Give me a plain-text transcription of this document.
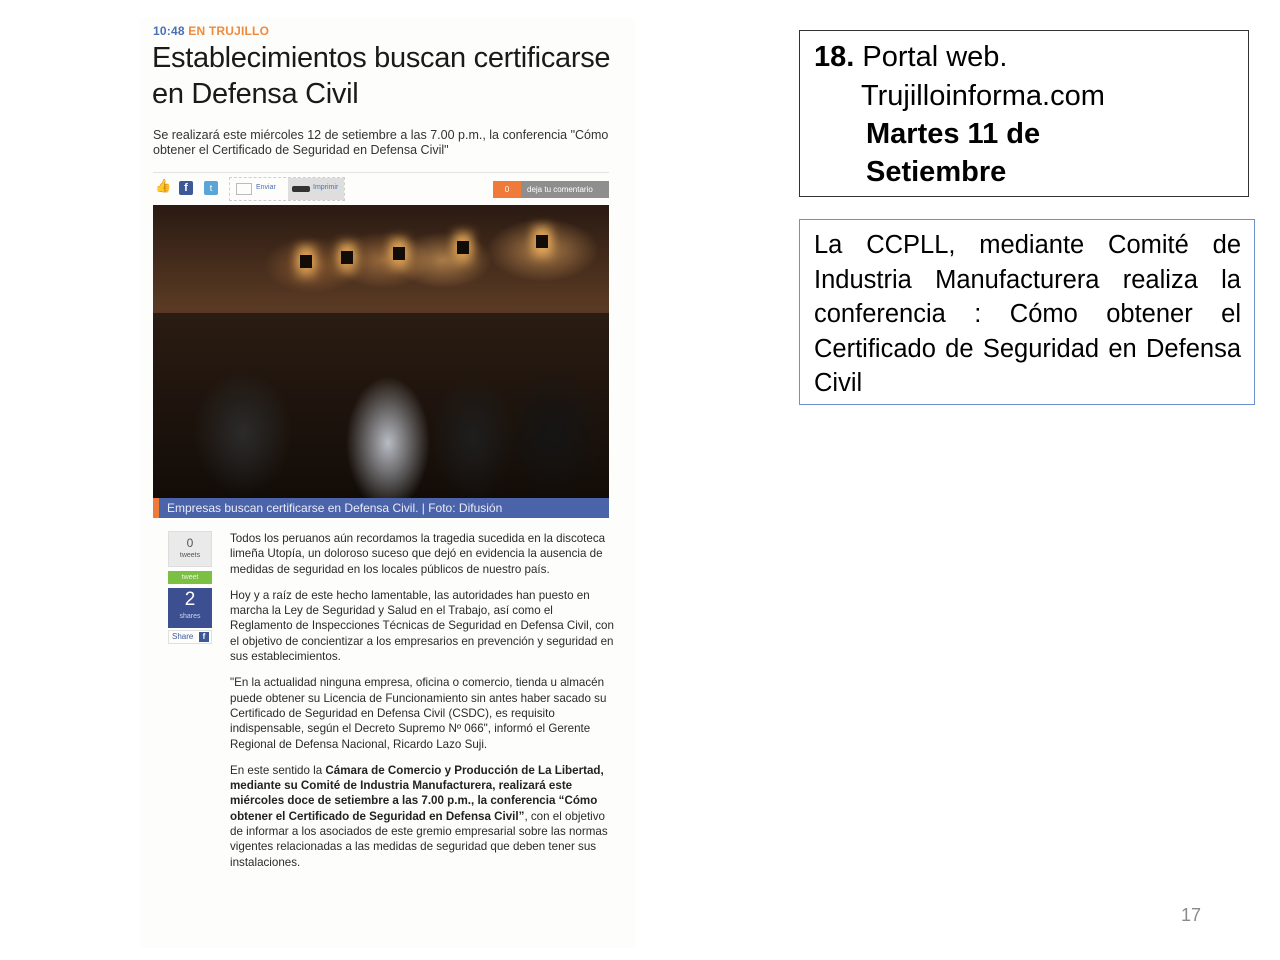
10:48 EN TRUJILLO
Establecimientos buscan certificarse en Defensa Civil
Se realizará este miércoles 12 de setiembre a las 7.00 p.m., la conferencia "Cómo obtener el Certificado de Seguridad en Defensa Civil"
👍	f	t	Enviar	Imprimir	0	deja tu comentario
Empresas buscan certificarse en Defensa Civil. | Foto: Difusión
0
tweets
tweet
2
shares
Share	f

Todos los peruanos aún recordamos la tragedia sucedida en la discoteca limeña Utopía, un doloroso suceso que dejó en evidencia la ausencia de medidas de seguridad en los locales públicos de nuestro país.

Hoy y a raíz de este hecho lamentable, las autoridades han puesto en marcha la Ley de Seguridad y Salud en el Trabajo, así como el Reglamento de Inspecciones Técnicas de Seguridad en Defensa Civil, con el objetivo de concientizar a los empresarios en prevención y seguridad en sus establecimientos.

"En la actualidad ninguna empresa, oficina o comercio, tienda u almacén puede obtener su Licencia de Funcionamiento sin antes haber sacado su Certificado de Seguridad en Defensa Civil (CSDC), es requisito indispensable, según el Decreto Supremo Nº 066", informó el Gerente Regional de Defensa Nacional, Ricardo Lazo Suji.

En este sentido la Cámara de Comercio y Producción de La Libertad, mediante su Comité de Industria Manufacturera, realizará este miércoles doce de setiembre a las 7.00 p.m., la conferencia “Cómo obtener el Certificado de Seguridad en Defensa Civil”, con el objetivo de informar a los asociados de este gremio empresarial sobre las normas vigentes relacionadas a las medidas de seguridad que deben tener sus instalaciones.

18. Portal web.
Trujilloinforma.com
Martes 11 de
Setiembre

La CCPLL, mediante Comité de Industria Manufacturera realiza la conferencia : Cómo obtener el Certificado de Seguridad en Defensa Civil

17
